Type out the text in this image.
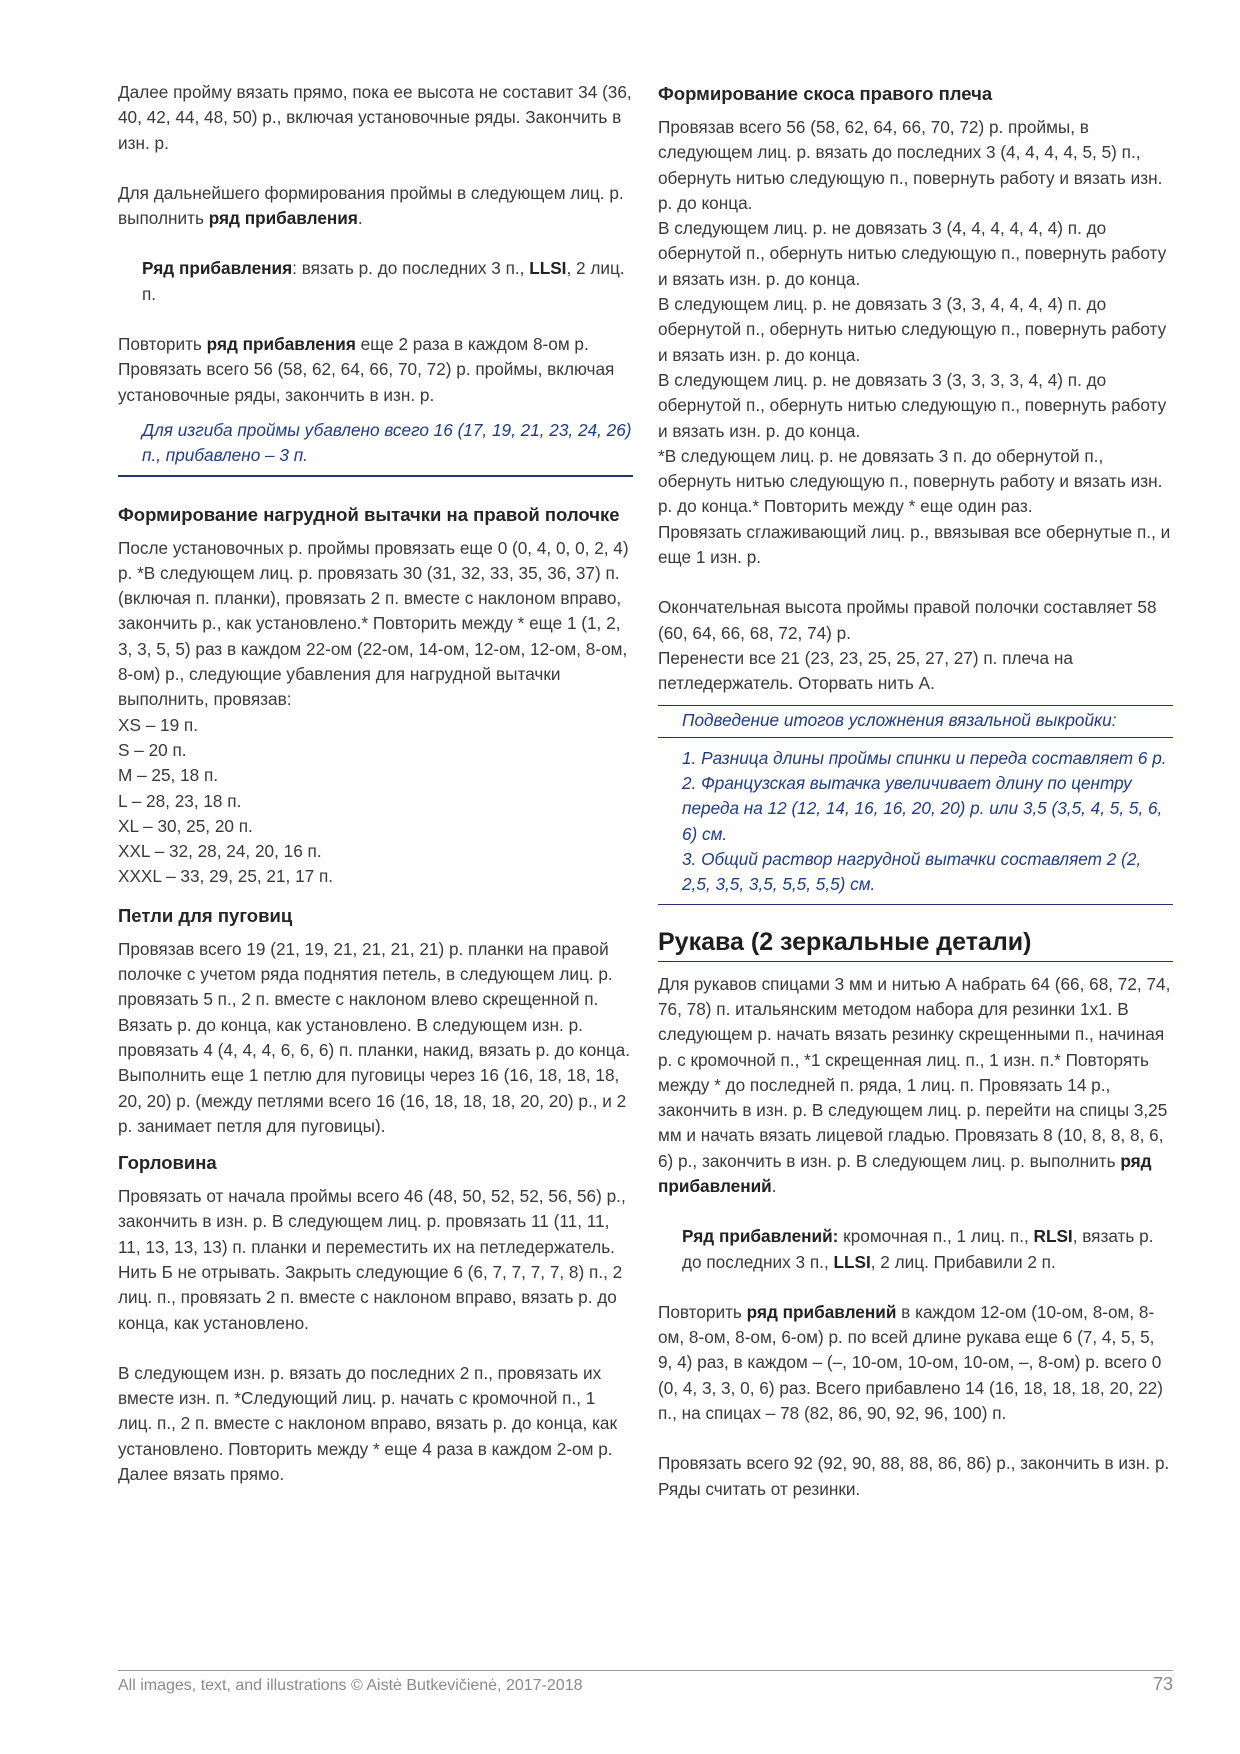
Далее пройму вязать прямо, пока ее высота не составит 34 (36, 40, 42, 44, 48, 50) р., включая установочные ряды. Закончить в изн. р.

Для дальнейшего формирования проймы в следующем лиц. р. выполнить ряд прибавления.

Ряд прибавления: вязать р. до последних 3 п., LLSI, 2 лиц. п.

Повторить ряд прибавления еще 2 раза в каждом 8-ом р. Провязать всего 56 (58, 62, 64, 66, 70, 72) р. проймы, включая установочные ряды, закончить в изн. р.

Для изгиба проймы убавлено всего 16 (17, 19, 21, 23, 24, 26) п., прибавлено – 3 п.

Формирование нагрудной вытачки на правой полочке

После установочных р. проймы провязать еще 0 (0, 4, 0, 0, 2, 4) р. *В следующем лиц. р. провязать 30 (31, 32, 33, 35, 36, 37) п. (включая п. планки), провязать 2 п. вместе с наклоном вправо, закончить р., как установлено.* Повторить между * еще 1 (1, 2, 3, 3, 5, 5) раз в каждом 22-ом (22-ом, 14-ом, 12-ом, 12-ом, 8-ом, 8-ом) р., следующие убавления для нагрудной вытачки выполнить, провязав:

XS – 19 п.

S – 20 п.

M – 25, 18 п.

L – 28, 23, 18 п.

XL – 30, 25, 20 п.

XXL – 32, 28, 24, 20, 16 п.

XXXL – 33, 29, 25, 21, 17 п.

Петли для пуговиц

Провязав всего 19 (21, 19, 21, 21, 21, 21) р. планки на правой полочке с учетом ряда поднятия петель, в следующем лиц. р. провязать 5 п., 2 п. вместе с наклоном влево скрещенной п. Вязать р. до конца, как установлено. В следующем изн. р. провязать 4 (4, 4, 4, 6, 6, 6) п. планки, накид, вязать р. до конца.

Выполнить еще 1 петлю для пуговицы через 16 (16, 18, 18, 18, 20, 20) р. (между петлями всего 16 (16, 18, 18, 18, 20, 20) р., и 2 р. занимает петля для пуговицы).

Горловина

Провязать от начала проймы всего 46 (48, 50, 52, 52, 56, 56) р., закончить в изн. р. В следующем лиц. р. провязать 11 (11, 11, 11, 13, 13, 13) п. планки и переместить их на петледержатель. Нить Б не отрывать. Закрыть следующие 6 (6, 7, 7, 7, 7, 8) п., 2 лиц. п., провязать 2 п. вместе с наклоном вправо, вязать р. до конца, как установлено.

В следующем изн. р. вязать до последних 2 п., провязать их вместе изн. п. *Следующий лиц. р. начать с кромочной п., 1 лиц. п., 2 п. вместе с наклоном вправо, вязать р. до конца, как установлено. Повторить между * еще 4 раза в каждом 2-ом р. Далее вязать прямо.

Формирование скоса правого плеча

Провязав всего 56 (58, 62, 64, 66, 70, 72) р. проймы, в следующем лиц. р. вязать до последних 3 (4, 4, 4, 4, 5, 5) п., обернуть нитью следующую п., повернуть работу и вязать изн. р. до конца.

В следующем лиц. р. не довязать 3 (4, 4, 4, 4, 4, 4) п. до обернутой п., обернуть нитью следующую п., повернуть работу и вязать изн. р. до конца.

В следующем лиц. р. не довязать 3 (3, 3, 4, 4, 4, 4) п. до обернутой п., обернуть нитью следующую п., повернуть работу и вязать изн. р. до конца.

В следующем лиц. р. не довязать 3 (3, 3, 3, 3, 4, 4) п. до обернутой п., обернуть нитью следующую п., повернуть работу и вязать изн. р. до конца.

*В следующем лиц. р. не довязать 3 п. до обернутой п., обернуть нитью следующую п., повернуть работу и вязать изн. р. до конца.* Повторить между * еще один раз.

Провязать сглаживающий лиц. р., ввязывая все обернутые п., и еще 1 изн. р.

Окончательная высота проймы правой полочки составляет 58 (60, 64, 66, 68, 72, 74) р.

Перенести все 21 (23, 23, 25, 25, 27, 27) п. плеча на петледержатель. Оторвать нить А.

Подведение итогов усложнения вязальной выкройки:

1. Разница длины проймы спинки и переда составляет 6 р.

2. Французская вытачка увеличивает длину по центру переда на 12 (12, 14, 16, 16, 20, 20) р. или 3,5 (3,5, 4, 5, 5, 6, 6) см.

3. Общий раствор нагрудной вытачки составляет 2 (2, 2,5, 3,5, 3,5, 5,5, 5,5) см.

Рукава (2 зеркальные детали)

Для рукавов спицами 3 мм и нитью А набрать 64 (66, 68, 72, 74, 76, 78) п. итальянским методом набора для резинки 1х1. В следующем р. начать вязать резинку скрещенными п., начиная р. с кромочной п., *1 скрещенная лиц. п., 1 изн. п.* Повторять между * до последней п. ряда, 1 лиц. п. Провязать 14 р., закончить в изн. р. В следующем лиц. р. перейти на спицы 3,25 мм и начать вязать лицевой гладью. Провязать 8 (10, 8, 8, 8, 6, 6) р., закончить в изн. р. В следующем лиц. р. выполнить ряд прибавлений.

Ряд прибавлений: кромочная п., 1 лиц. п., RLSI, вязать р. до последних 3 п., LLSI, 2 лиц. Прибавили 2 п.

Повторить ряд прибавлений в каждом 12-ом (10-ом, 8-ом, 8-ом, 8-ом, 8-ом, 6-ом) р. по всей длине рукава еще 6 (7, 4, 5, 5, 9, 4) раз, в каждом – (–, 10-ом, 10-ом, 10-ом, –, 8-ом) р. всего 0 (0, 4, 3, 3, 0, 6) раз. Всего прибавлено 14 (16, 18, 18, 18, 20, 22) п., на спицах – 78 (82, 86, 90, 92, 96, 100) п.

Провязать всего 92 (92, 90, 88, 88, 86, 86) р., закончить в изн. р. Ряды считать от резинки.

All images, text, and illustrations © Aistė Butkevičienė, 2017-2018	73
